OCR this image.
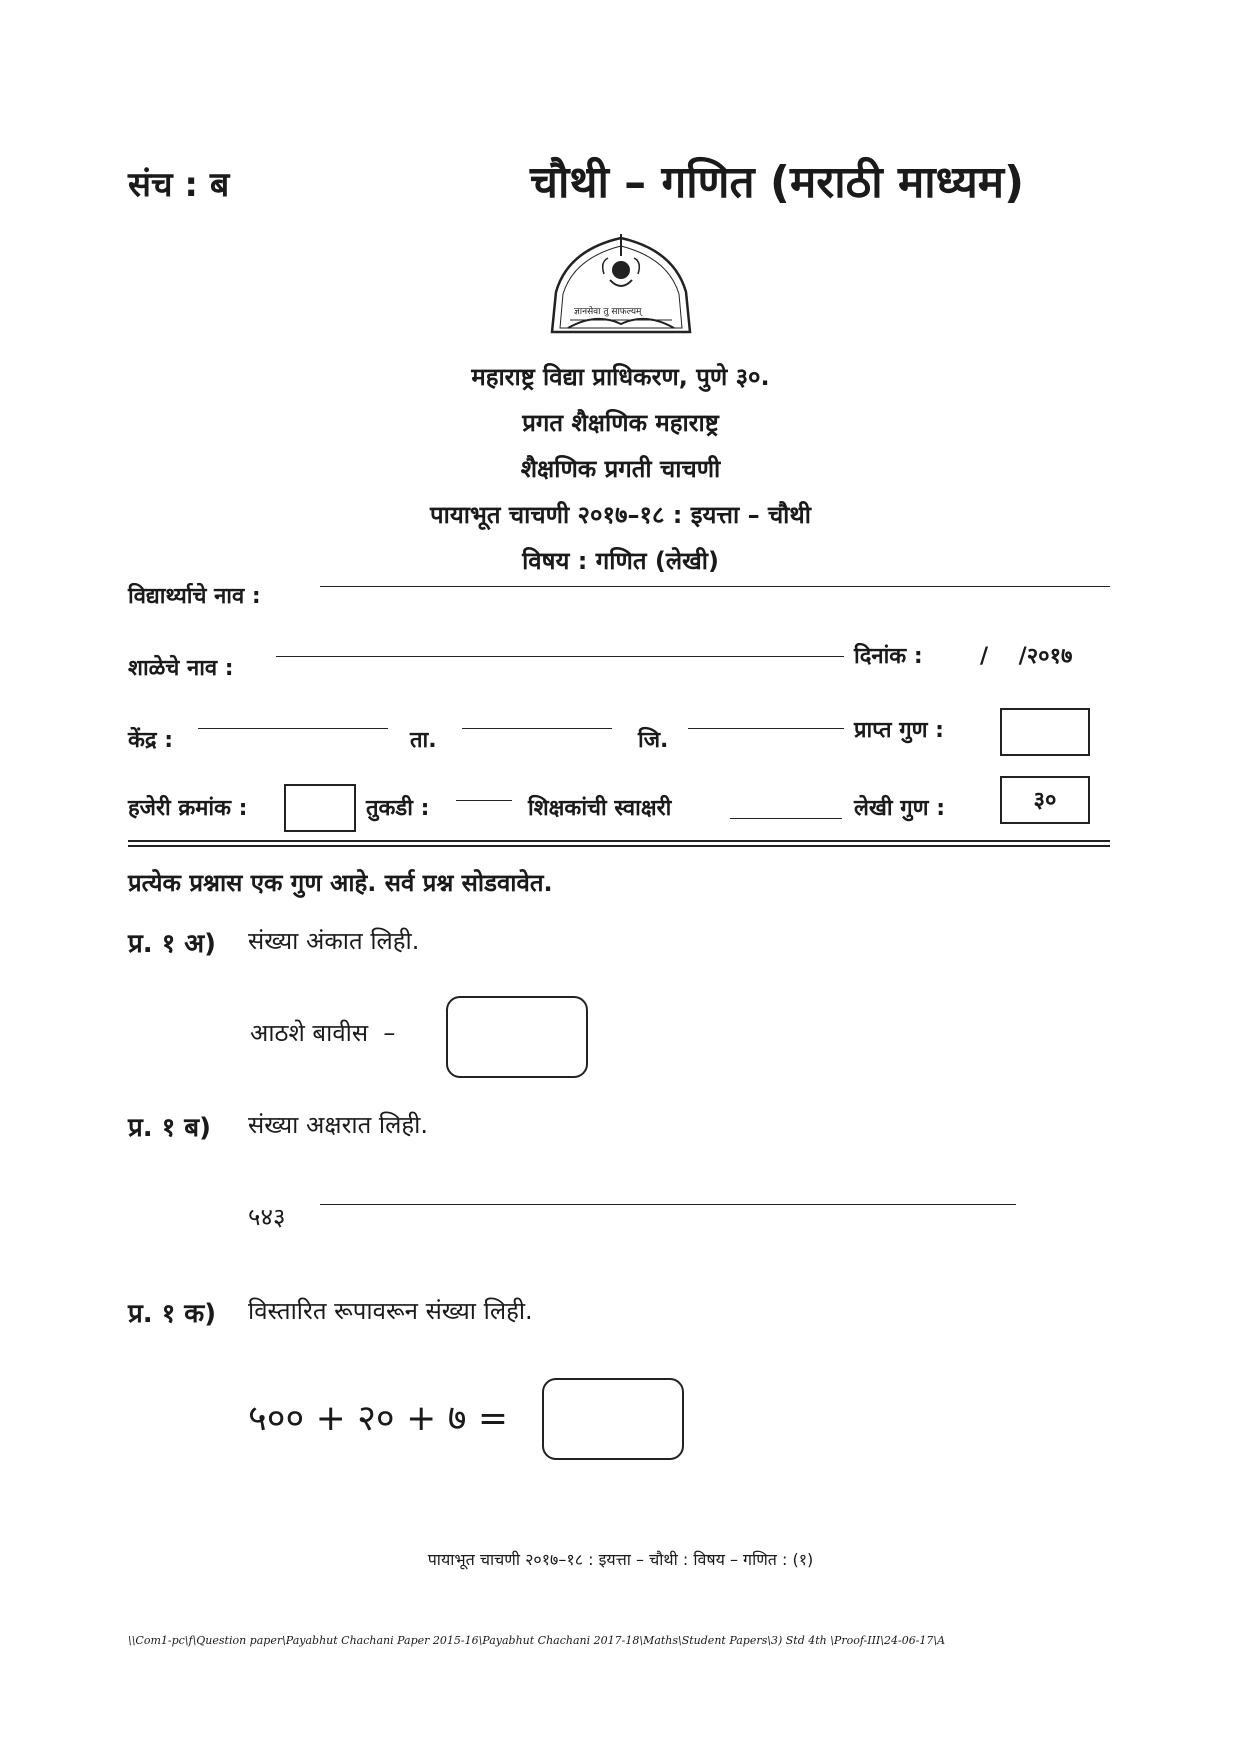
संच : ब	चौथी – गणित (मराठी माध्यम)
ज्ञानसेवा तु साफल्यम्
महाराष्ट्र विद्या प्राधिकरण, पुणे ३०.
प्रगत शैक्षणिक महाराष्ट्र
शैक्षणिक प्रगती चाचणी
पायाभूत चाचणी २०१७–१८ : इयत्ता – चौथी
विषय : गणित (लेखी)
विद्यार्थ्याचे नाव :
शाळेचे नाव :	दिनांक :	/    /२०१७
केंद्र :	ता.	जि.	प्राप्त गुण :
हजेरी क्रमांक :	तुकडी :	शिक्षकांची स्वाक्षरी	लेखी गुण :	३०
प्रत्येक प्रश्नास एक गुण आहे. सर्व प्रश्न सोडवावेत.
प्र. १ अ) संख्या अंकात लिही.
आठशे बावीस  –
प्र. १ ब) संख्या अक्षरात लिही.
५४३
प्र. १ क) विस्तारित रूपावरून संख्या लिही.
५०० + २० + ७ =
पायाभूत चाचणी २०१७–१८ : इयत्ता – चौथी : विषय – गणित : (१)
\\Com1-pc\f\Question paper\Payabhut Chachani Paper 2015-16\Payabhut Chachani 2017-18\Maths\Student Papers\3) Std 4th \Proof-III\24-06-17\A
